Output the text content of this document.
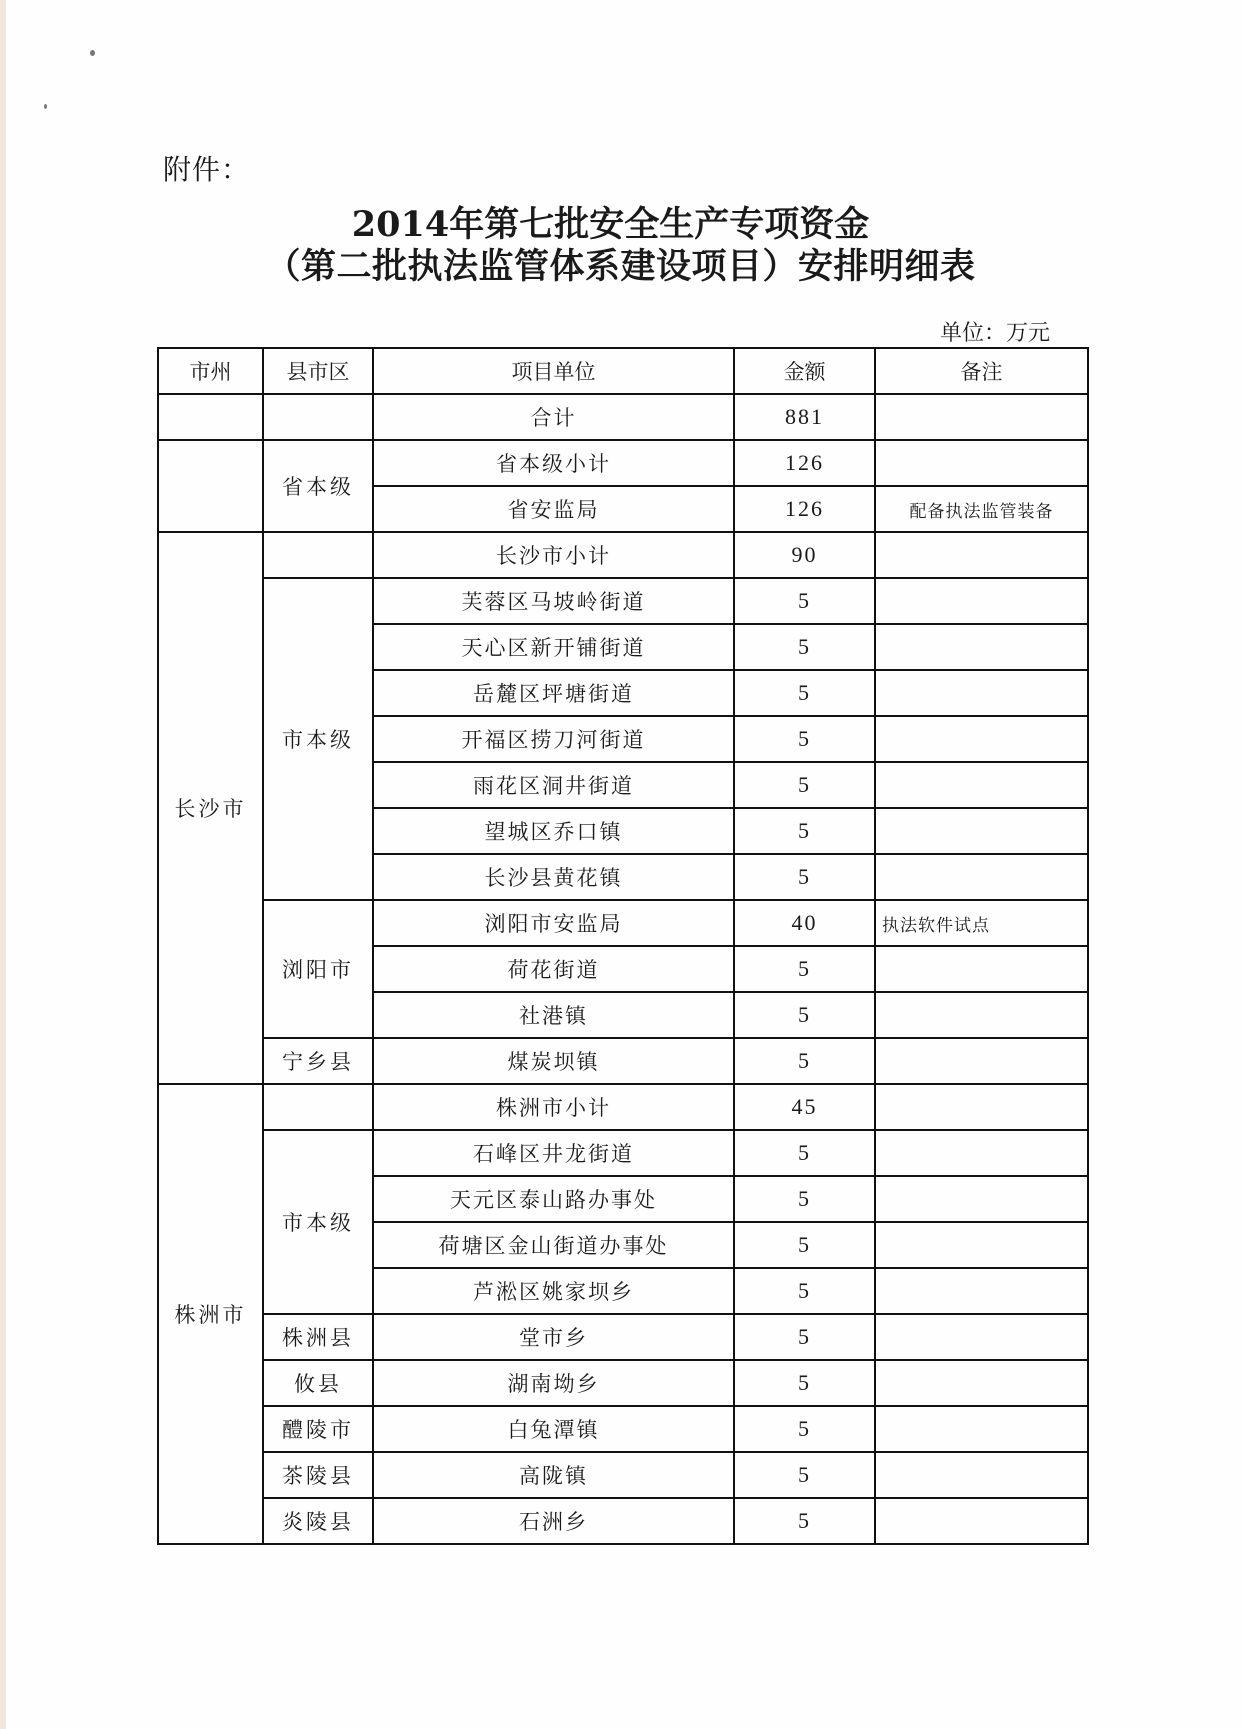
附件：
2014年第七批安全生产专项资金
（第二批执法监管体系建设项目）安排明细表
单位：万元
市州	县市区	项目单位	金额	备注
		合计	881	
	省本级	省本级小计	126	
		省安监局	126	配备执法监管装备
长沙市		长沙市小计	90	
	市本级	芙蓉区马坡岭街道	5	
		天心区新开铺街道	5	
		岳麓区坪塘街道	5	
		开福区捞刀河街道	5	
		雨花区洞井街道	5	
		望城区乔口镇	5	
		长沙县黄花镇	5	
	浏阳市	浏阳市安监局	40	执法软件试点
		荷花街道	5	
		社港镇	5	
	宁乡县	煤炭坝镇	5	
株洲市		株洲市小计	45	
	市本级	石峰区井龙街道	5	
		天元区泰山路办事处	5	
		荷塘区金山街道办事处	5	
		芦淞区姚家坝乡	5	
	株洲县	堂市乡	5	
	攸县	湖南坳乡	5	
	醴陵市	白兔潭镇	5	
	茶陵县	高陇镇	5	
	炎陵县	石洲乡	5	
